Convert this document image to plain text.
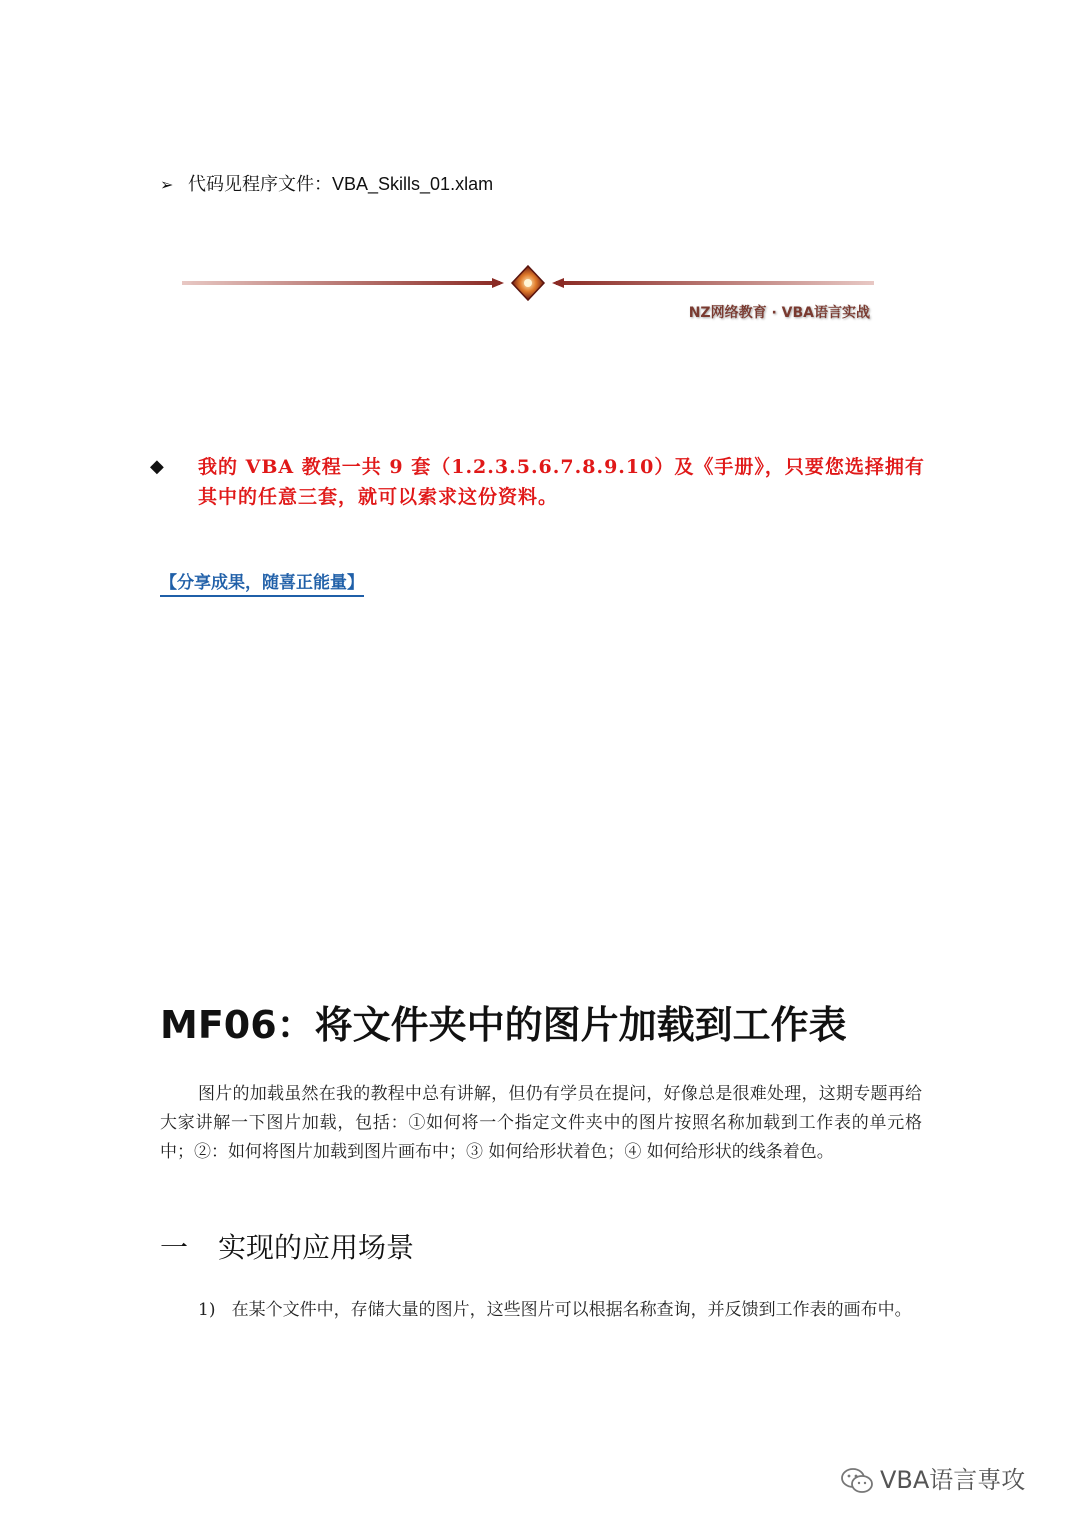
➢ 代码见程序文件：VBA_Skills_01.xlam
NZ网络教育 · VBA语言实战
◆ 我的 VBA 教程一共 9 套（1.2.3.5.6.7.8.9.10）及《手册》，只要您选择拥有其中的任意三套，就可以索求这份资料。
【分享成果，随喜正能量】
MF06：将文件夹中的图片加载到工作表
图片的加载虽然在我的教程中总有讲解，但仍有学员在提问，好像总是很难处理，这期专题再给大家讲解一下图片加载，包括：①如何将一个指定文件夹中的图片按照名称加载到工作表的单元格中；②：如何将图片加载到图片画布中；③ 如何给形状着色；④ 如何给形状的线条着色。
一 实现的应用场景
1) 在某个文件中，存储大量的图片，这些图片可以根据名称查询，并反馈到工作表的画布中。
VBA语言専攻
